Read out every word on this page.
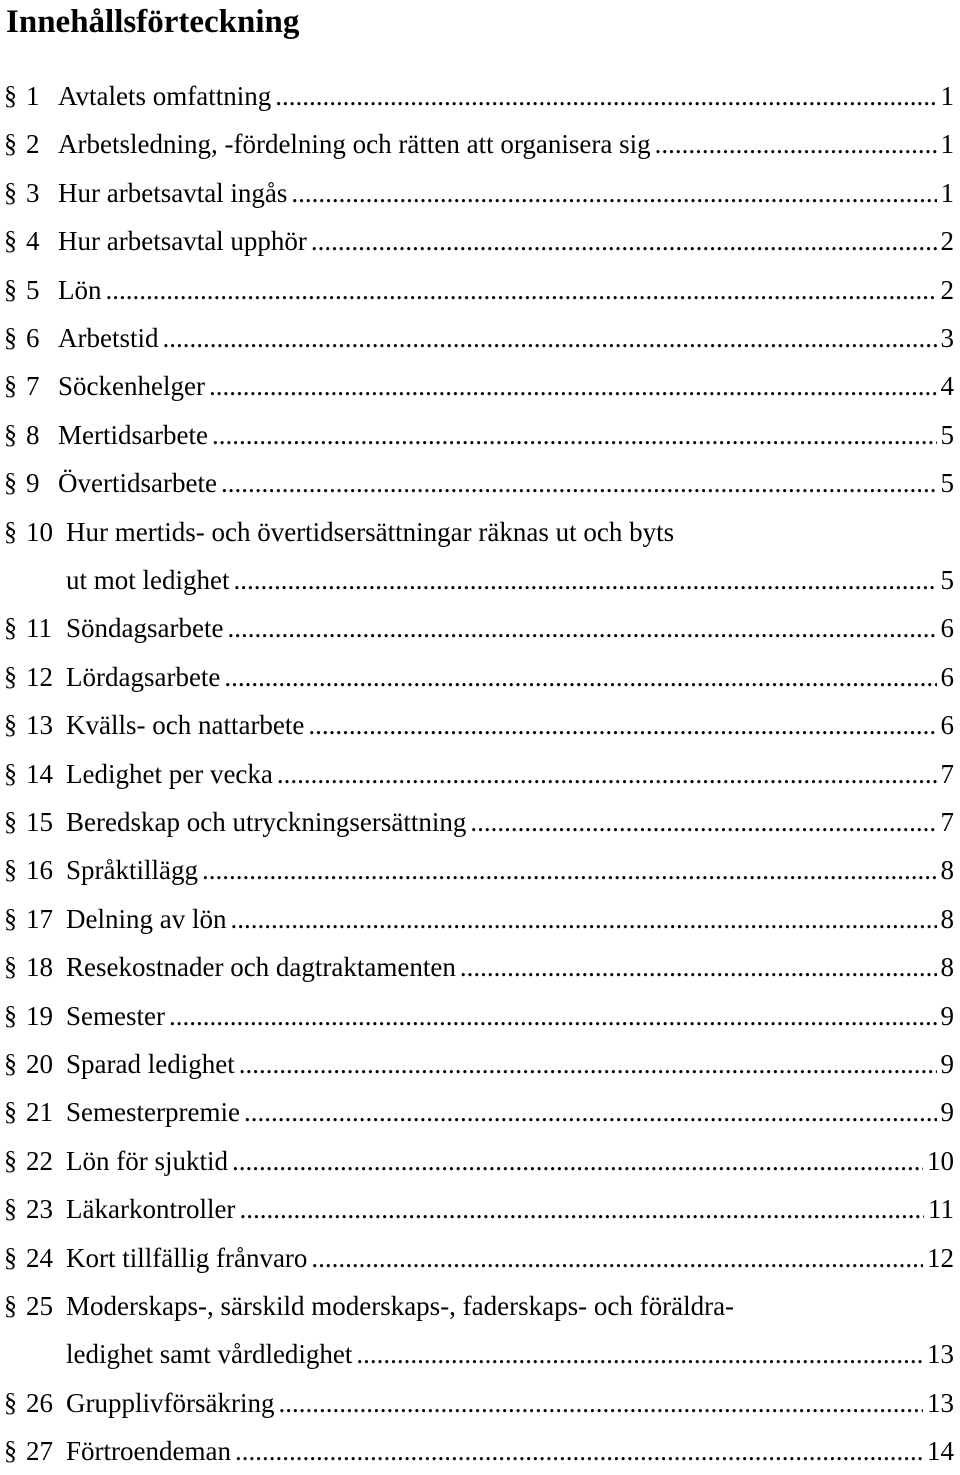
Innehållsförteckning
§ 1 Avtalets omfattning .....	1
§ 2 Arbetsledning, -fördelning och rätten att organisera sig .....	1
§ 3 Hur arbetsavtal ingås .....	1
§ 4 Hur arbetsavtal upphör .....	2
§ 5 Lön .....	2
§ 6 Arbetstid .....	3
§ 7 Söckenhelger .....	4
§ 8 Mertidsarbete .....	5
§ 9 Övertidsarbete .....	5
§ 10 Hur mertids- och övertidsersättningar räknas ut och byts
ut mot ledighet .....	5
§ 11 Söndagsarbete .....	6
§ 12 Lördagsarbete .....	6
§ 13 Kvälls- och nattarbete .....	6
§ 14 Ledighet per vecka .....	7
§ 15 Beredskap och utryckningsersättning .....	7
§ 16 Språktillägg .....	8
§ 17 Delning av lön .....	8
§ 18 Resekostnader och dagtraktamenten .....	8
§ 19 Semester .....	9
§ 20 Sparad ledighet .....	9
§ 21 Semesterpremie .....	9
§ 22 Lön för sjuktid .....	10
§ 23 Läkarkontroller .....	11
§ 24 Kort tillfällig frånvaro .....	12
§ 25 Moderskaps-, särskild moderskaps-, faderskaps- och föräldra-
ledighet samt vårdledighet .....	13
§ 26 Grupplivförsäkring .....	13
§ 27 Förtroendeman .....	14
